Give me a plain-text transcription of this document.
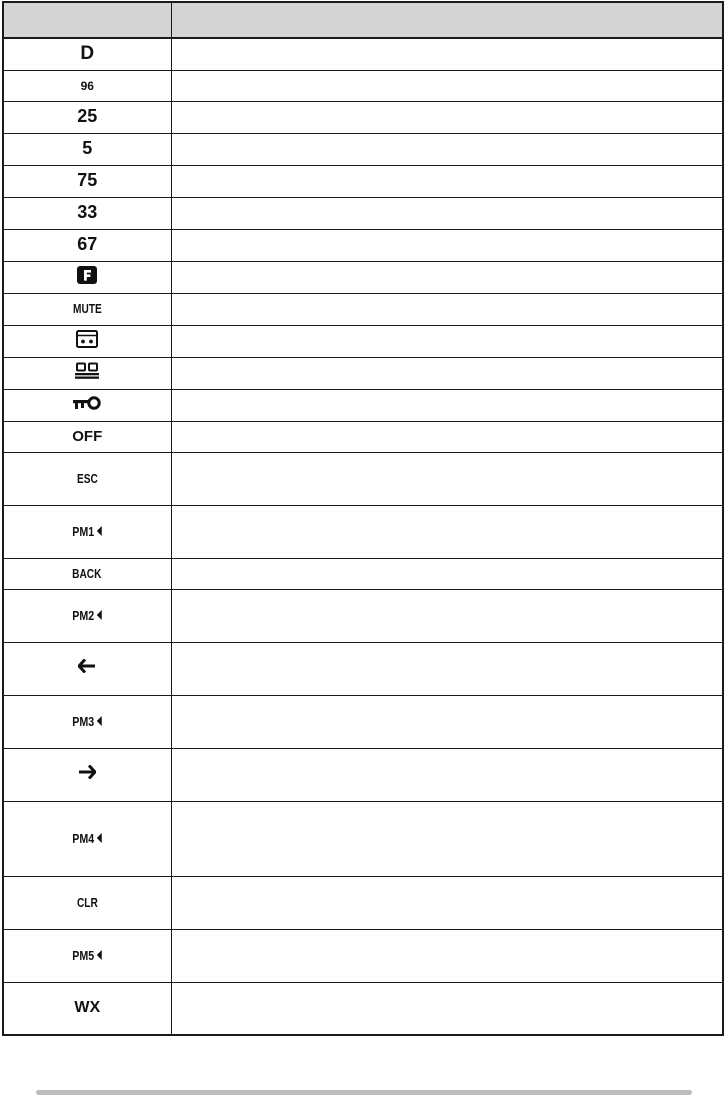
D	
96	
25	
5	
75	
33	
67	

MUTE	

OFF	
ESC	
PM1	
BACK	
PM2	

PM3	

PM4	
CLR	
PM5	
WX	
